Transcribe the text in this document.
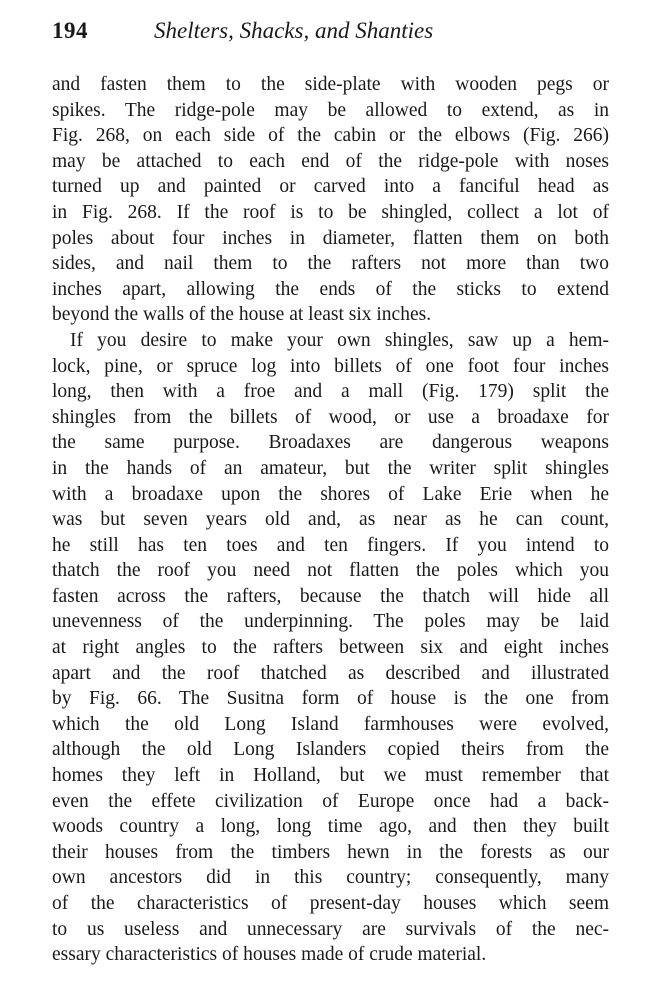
194	Shelters, Shacks, and Shanties
and fasten them to the side-plate with wooden pegs or
spikes. The ridge-pole may be allowed to extend, as in
Fig. 268, on each side of the cabin or the elbows (Fig. 266)
may be attached to each end of the ridge-pole with noses
turned up and painted or carved into a fanciful head as
in Fig. 268. If the roof is to be shingled, collect a lot of
poles about four inches in diameter, flatten them on both
sides, and nail them to the rafters not more than two
inches apart, allowing the ends of the sticks to extend
beyond the walls of the house at least six inches.
If you desire to make your own shingles, saw up a hem-
lock, pine, or spruce log into billets of one foot four inches
long, then with a froe and a mall (Fig. 179) split the
shingles from the billets of wood, or use a broadaxe for
the same purpose. Broadaxes are dangerous weapons
in the hands of an amateur, but the writer split shingles
with a broadaxe upon the shores of Lake Erie when he
was but seven years old and, as near as he can count,
he still has ten toes and ten fingers. If you intend to
thatch the roof you need not flatten the poles which you
fasten across the rafters, because the thatch will hide all
unevenness of the underpinning. The poles may be laid
at right angles to the rafters between six and eight inches
apart and the roof thatched as described and illustrated
by Fig. 66. The Susitna form of house is the one from
which the old Long Island farmhouses were evolved,
although the old Long Islanders copied theirs from the
homes they left in Holland, but we must remember that
even the effete civilization of Europe once had a back-
woods country a long, long time ago, and then they built
their houses from the timbers hewn in the forests as our
own ancestors did in this country; consequently, many
of the characteristics of present-day houses which seem
to us useless and unnecessary are survivals of the nec-
essary characteristics of houses made of crude material.
